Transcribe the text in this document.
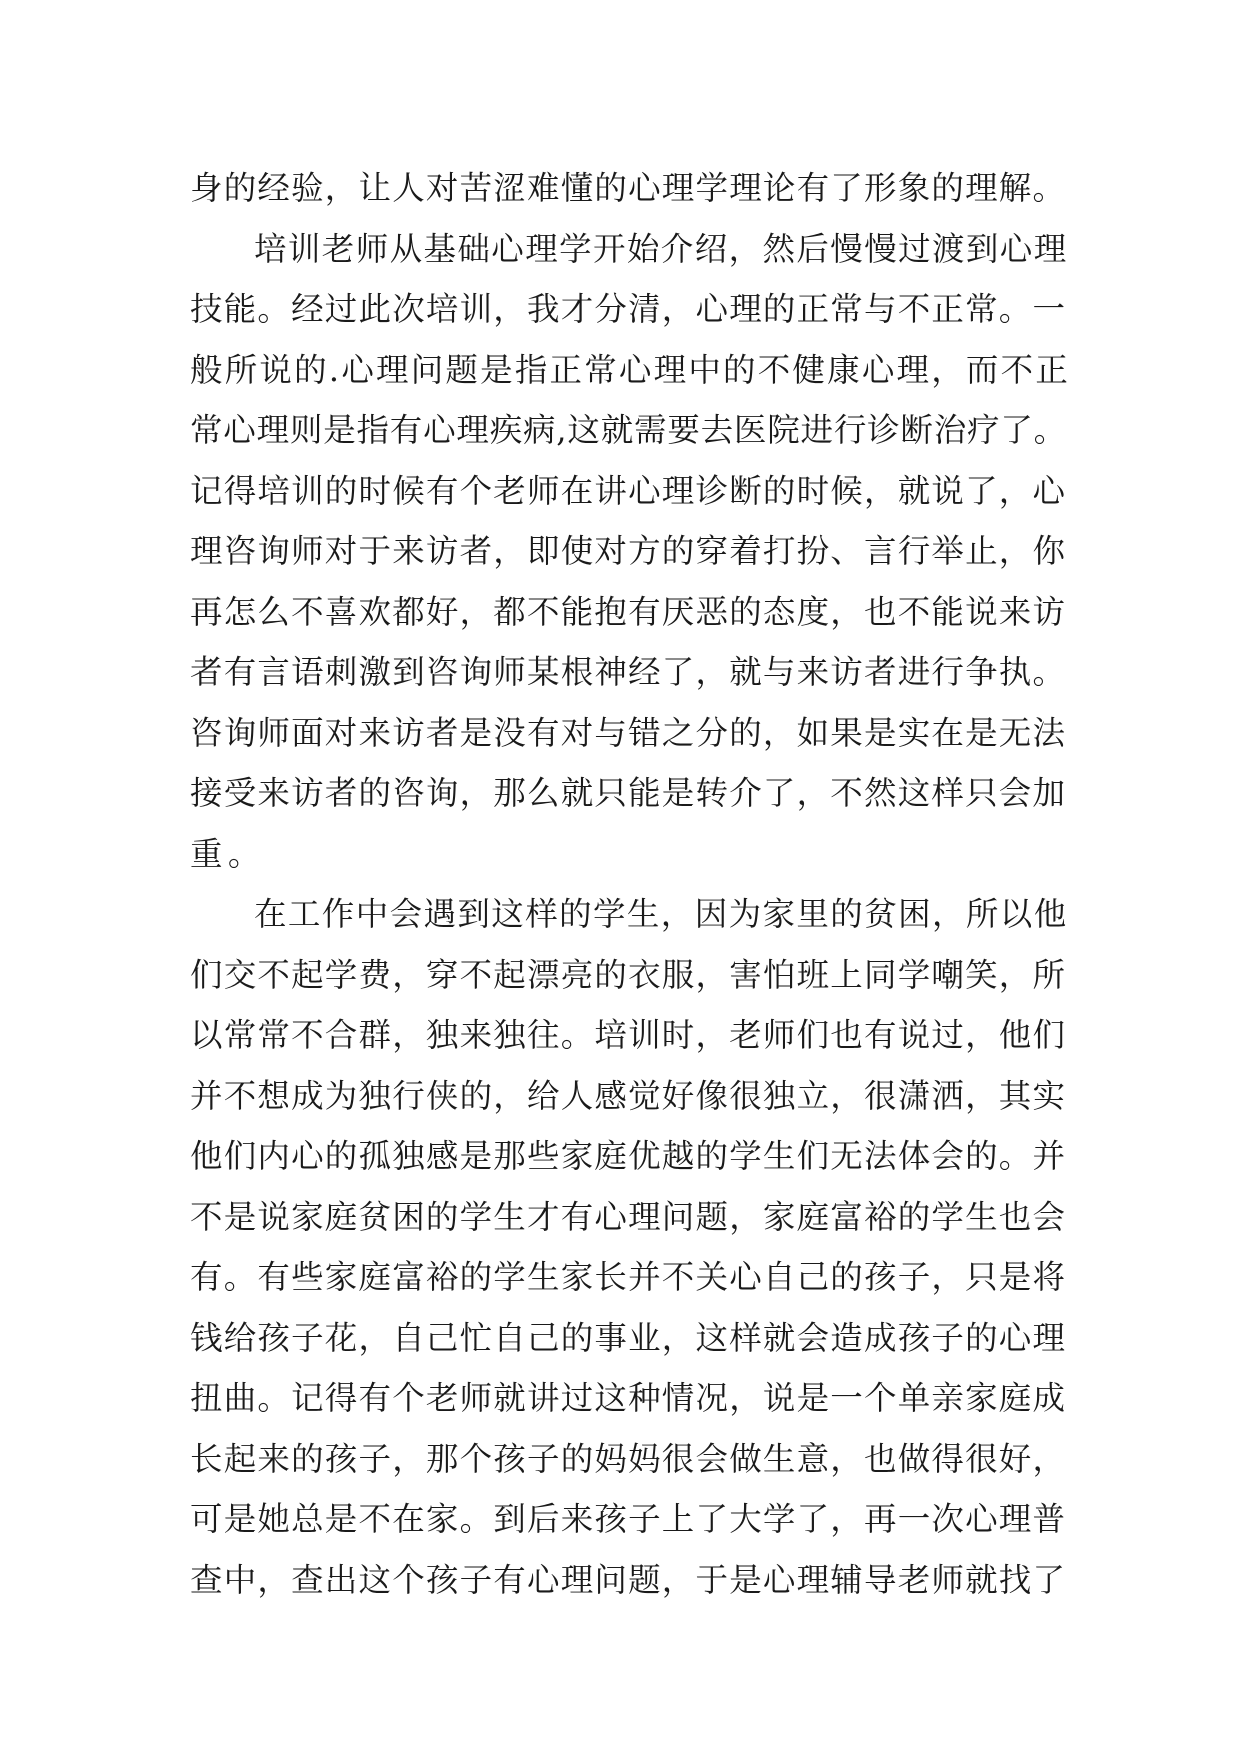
身的经验，让人对苦涩难懂的心理学理论有了形象的理解。
培训老师从基础心理学开始介绍，然后慢慢过渡到心理
技能。经过此次培训，我才分清，心理的正常与不正常。一
般所说的.心理问题是指正常心理中的不健康心理，而不正
常心理则是指有心理疾病,这就需要去医院进行诊断治疗了。
记得培训的时候有个老师在讲心理诊断的时候，就说了，心
理咨询师对于来访者，即使对方的穿着打扮、言行举止，你
再怎么不喜欢都好，都不能抱有厌恶的态度，也不能说来访
者有言语刺激到咨询师某根神经了，就与来访者进行争执。
咨询师面对来访者是没有对与错之分的，如果是实在是无法
接受来访者的咨询，那么就只能是转介了，不然这样只会加
重。
在工作中会遇到这样的学生，因为家里的贫困，所以他
们交不起学费，穿不起漂亮的衣服，害怕班上同学嘲笑，所
以常常不合群，独来独往。培训时，老师们也有说过，他们
并不想成为独行侠的，给人感觉好像很独立，很潇洒，其实
他们内心的孤独感是那些家庭优越的学生们无法体会的。并
不是说家庭贫困的学生才有心理问题，家庭富裕的学生也会
有。有些家庭富裕的学生家长并不关心自己的孩子，只是将
钱给孩子花，自己忙自己的事业，这样就会造成孩子的心理
扭曲。记得有个老师就讲过这种情况，说是一个单亲家庭成
长起来的孩子，那个孩子的妈妈很会做生意，也做得很好，
可是她总是不在家。到后来孩子上了大学了，再一次心理普
查中，查出这个孩子有心理问题，于是心理辅导老师就找了
